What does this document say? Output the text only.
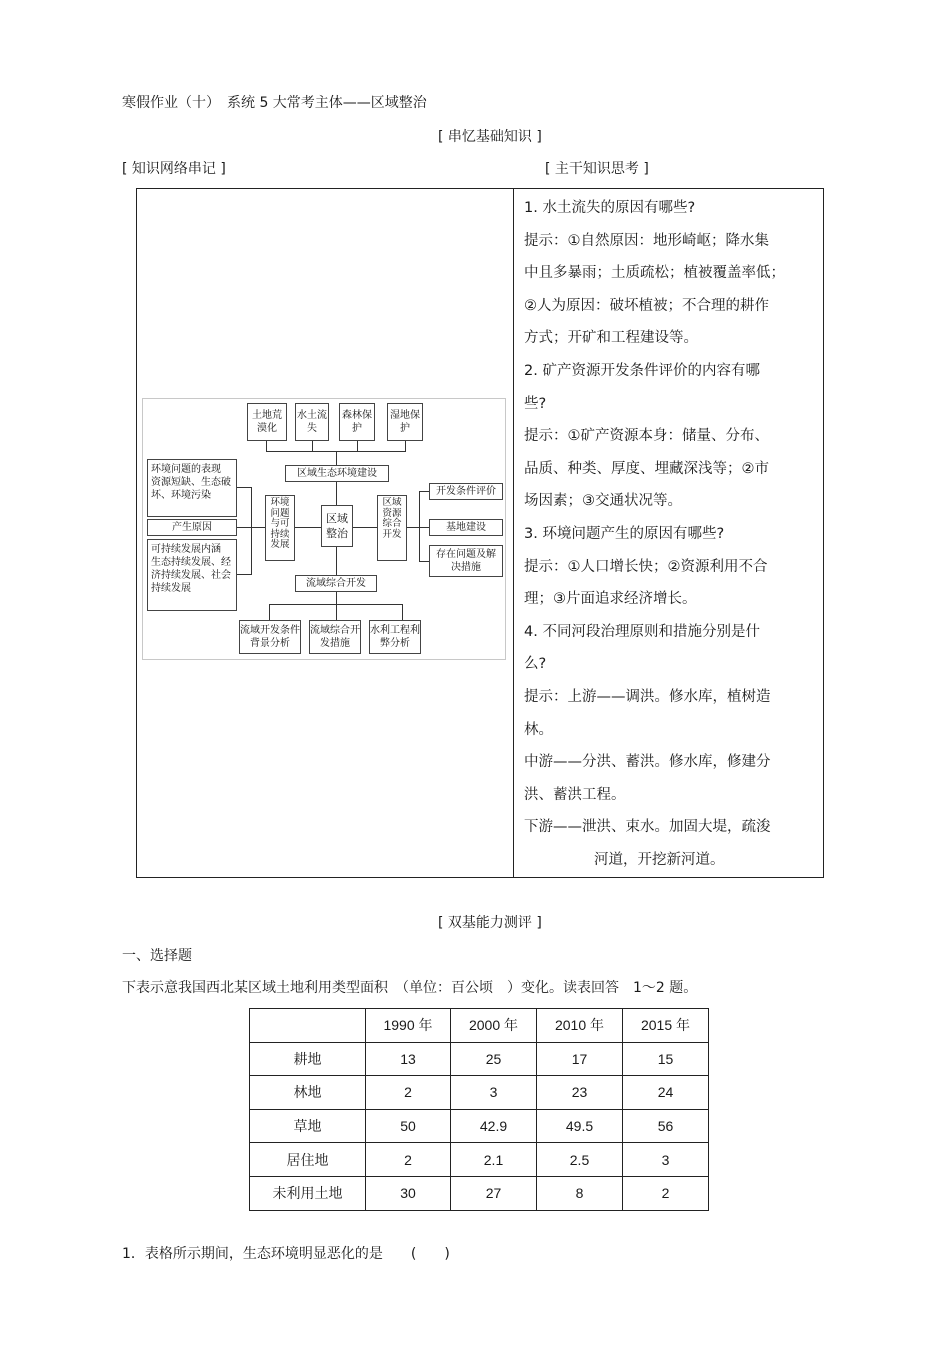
寒假作业（十）　系统 5 大常考主体——区域整治
[ 串忆基础知识 ]
[ 知识网络串记 ]	[ 主干知识思考 ]
土地荒漠化
水土流失
森林保护
湿地保护
区域生态环境建设
环境问题的表现 资源短缺、生态破坏、环境污染
产生原因
可持续发展内涵 生态持续发展、经济持续发展、社会持续发展
环境问题与可持续发展
区域整治
区域资源综合开发
开发条件评价
基地建设
存在问题及解决措施
流域综合开发
流域开发条件背景分析
流域综合开发措施
水利工程利弊分析
1. 水土流失的原因有哪些?
提示：①自然原因：地形崎岖；降水集
中且多暴雨；土质疏松；植被覆盖率低；
②人为原因：破坏植被；不合理的耕作
方式；开矿和工程建设等。
2. 矿产资源开发条件评价的内容有哪
些?
提示：①矿产资源本身：储量、分布、
品质、种类、厚度、埋藏深浅等；②市
场因素；③交通状况等。
3. 环境问题产生的原因有哪些?
提示：①人口增长快；②资源利用不合
理；③片面追求经济增长。
4. 不同河段治理原则和措施分别是什
么?
提示：上游——调洪。修水库，植树造
林。
中游——分洪、蓄洪。修水库，修建分
洪、蓄洪工程。
下游——泄洪、束水。加固大堤，疏浚
河道，开挖新河道。
[ 双基能力测评 ]
一、选择题
下表示意我国西北某区域土地利用类型面积　（单位：百公顷　）变化。读表回答　1～2 题。
	1990 年	2000 年	2010 年	2015 年
耕地	13	25	17	15
林地	2	3	23	24
草地	50	42.9	49.5	56
居住地	2	2.1	2.5	3
未利用土地	30	27	8	2
1．表格所示期间，生态环境明显恶化的是　　(　　)
